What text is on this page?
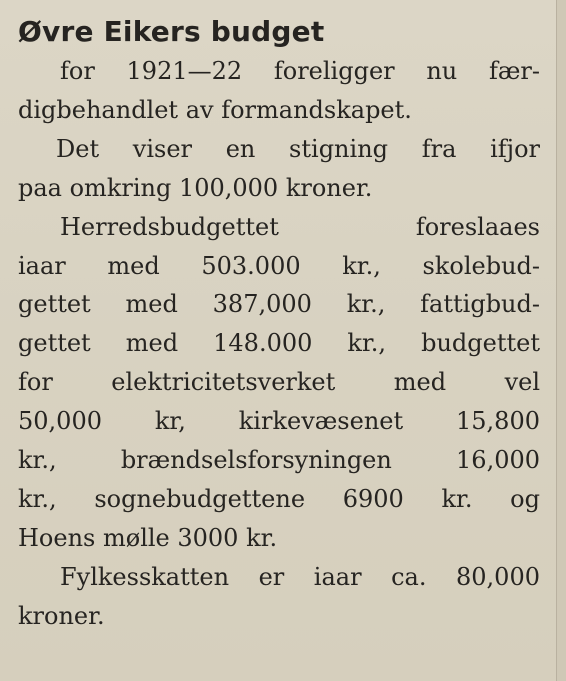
Øvre Eikers budget
for 1921—22 foreligger nu fær-
digbehandlet av formandskapet.
Det viser en stigning fra ifjor
paa omkring 100,000 kroner.
Herredsbudgettet foreslaaes
iaar med 503.000 kr., skolebud-
gettet med 387,000 kr., fattigbud-
gettet med 148.000 kr., budgettet
for elektricitetsverket med vel
50,000 kr, kirkevæsenet 15,800
kr., brændselsforsyningen 16,000
kr., sognebudgettene 6900 kr. og
Hoens mølle 3000 kr.
Fylkesskatten er iaar ca. 80,000
kroner.
